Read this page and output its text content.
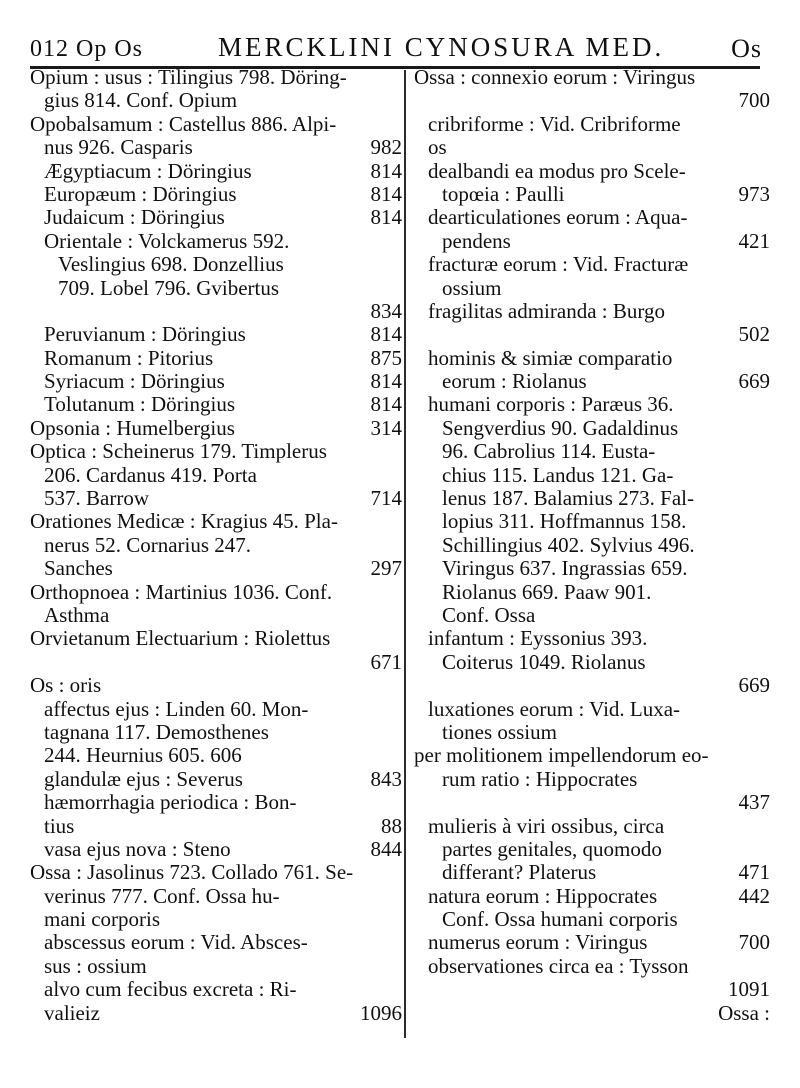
012 Op Os	MERCKLINI CYNOSURA MED.	Os
Opium : usus : Tilingius 798. Döring-
gius 814. Conf. Opium
Opobalsamum : Castellus 886. Alpi-
nus 926. Casparis	982
Ægyptiacum : Döringius	814
Europæum : Döringius	814
Judaicum : Döringius	814
Orientale : Volckamerus 592.
Veslingius 698. Donzellius
709. Lobel 796. Gvibertus
834
Peruvianum : Döringius	814
Romanum : Pitorius	875
Syriacum : Döringius	814
Tolutanum : Döringius	814
Opsonia : Humelbergius	314
Optica : Scheinerus 179. Timplerus
206. Cardanus 419. Porta
537. Barrow	714
Orationes Medicæ : Kragius 45. Pla-
nerus 52. Cornarius 247.
Sanches	297
Orthopnoea : Martinius 1036. Conf.
Asthma
Orvietanum Electuarium : Riolettus
671
Os : oris
affectus ejus : Linden 60. Mon-
tagnana 117. Demosthenes
244. Heurnius 605. 606
glandulæ ejus : Severus	843
hæmorrhagia periodica : Bon-
tius	88
vasa ejus nova : Steno	844
Ossa : Jasolinus 723. Collado 761. Se-
verinus 777. Conf. Ossa hu-
mani corporis
abscessus eorum : Vid. Absces-
sus : ossium
alvo cum fecibus excreta : Ri-
valieiz	1096
Ossa : connexio eorum : Viringus
700
cribriforme : Vid. Cribriforme
os
dealbandi ea modus pro Scele-
topœia : Paulli	973
dearticulationes eorum : Aqua-
pendens	421
fracturæ eorum : Vid. Fracturæ
ossium
fragilitas admiranda : Burgo
502
hominis & simiæ comparatio
eorum : Riolanus	669
humani corporis : Paræus 36.
Sengverdius 90. Gadaldinus
96. Cabrolius 114. Eusta-
chius 115. Landus 121. Ga-
lenus 187. Balamius 273. Fal-
lopius 311. Hoffmannus 158.
Schillingius 402. Sylvius 496.
Viringus 637. Ingrassias 659.
Riolanus 669. Paaw 901.
Conf. Ossa
infantum : Eyssonius 393.
Coiterus 1049. Riolanus
669
luxationes eorum : Vid. Luxa-
tiones ossium
per molitionem impellendorum eo-
rum ratio : Hippocrates
437
mulieris à viri ossibus, circa
partes genitales, quomodo
differant? Platerus	471
natura eorum : Hippocrates	442
Conf. Ossa humani corporis
numerus eorum : Viringus	700
observationes circa ea : Tysson
1091
Ossa :
